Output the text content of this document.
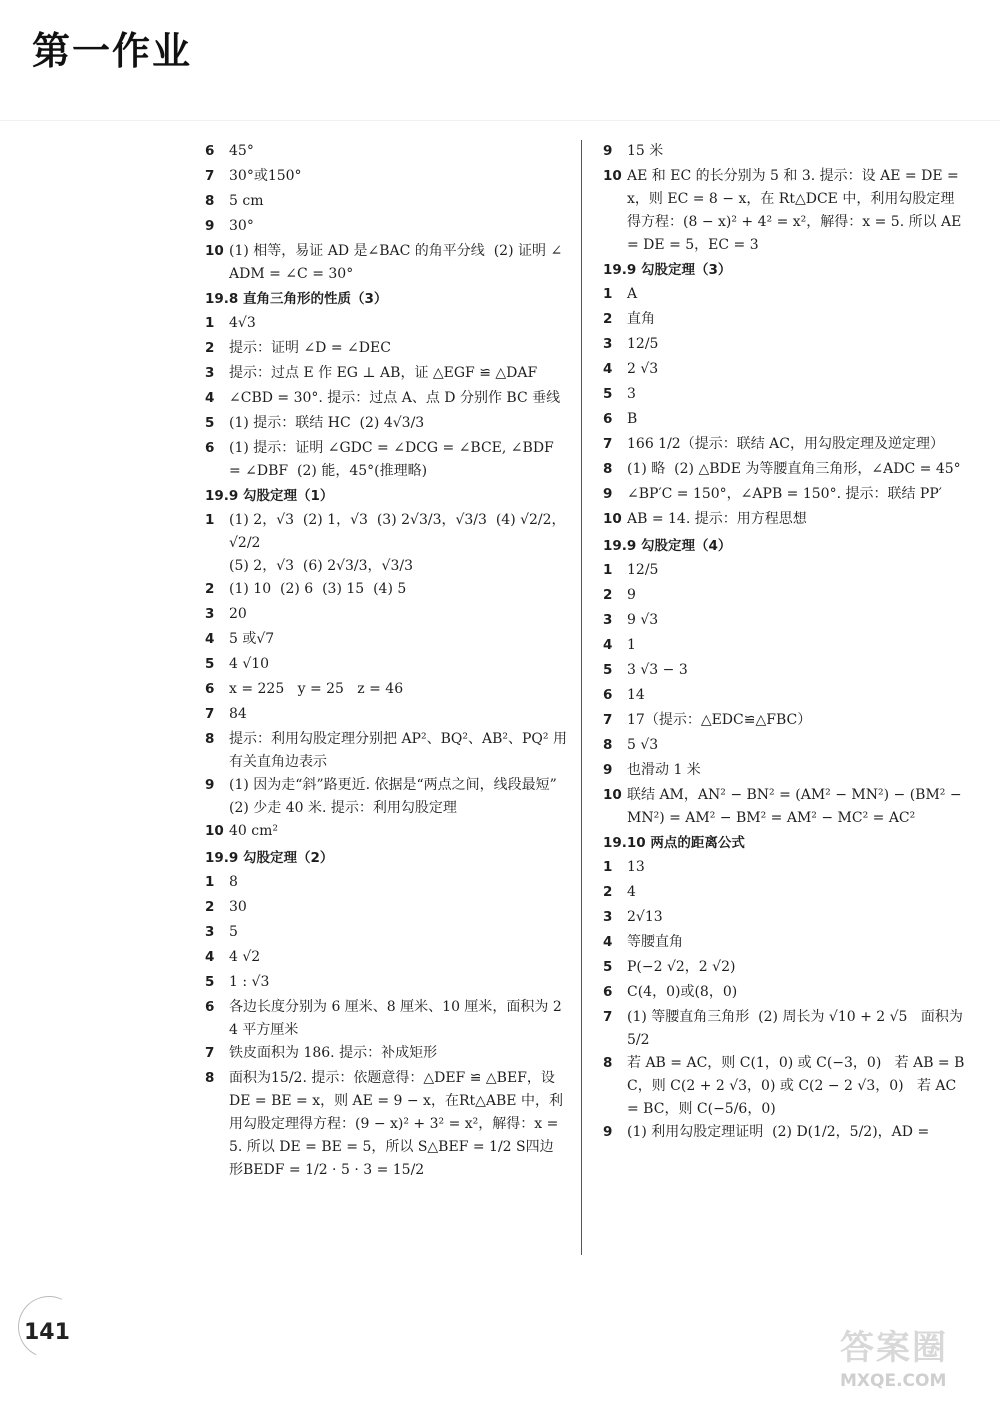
第一作业
6	45°
7	30°或150°
8	5 cm
9	30°
10 (1) 相等，易证 AD 是∠BAC 的角平分线  (2) 证明 ∠ADM = ∠C = 30°
19.8 直角三角形的性质（3）
1	4√3
2	提示：证明 ∠D = ∠DEC
3	提示：过点 E 作 EG ⊥ AB，证 △EGF ≌ △DAF
4	∠CBD = 30°. 提示：过点 A、点 D 分别作 BC 垂线
5	(1) 提示：联结 HC  (2) 4√3/3
6	(1) 提示：证明 ∠GDC = ∠DCG = ∠BCE, ∠BDF = ∠DBF  (2) 能，45°(推理略)
19.9 勾股定理（1）
1	(1) 2，√3  (2) 1，√3  (3) 2√3/3，√3/3  (4) √2/2，√2/2
(5) 2，√3  (6) 2√3/3，√3/3
2	(1) 10  (2) 6  (3) 15  (4) 5
3	20
4	5 或√7
5	4 √10
6	x = 225   y = 25   z = 46
7	84
8	提示：利用勾股定理分别把 AP²、BQ²、AB²、PQ² 用有关直角边表示
9	(1) 因为走“斜”路更近. 依据是“两点之间，线段最短”  (2) 少走 40 米. 提示：利用勾股定理
10 40 cm²
19.9 勾股定理（2）
1	8
2	30
3	5
4	4 √2
5	1 : √3
6	各边长度分别为 6 厘米、8 厘米、10 厘米，面积为 24 平方厘米
7	铁皮面积为 186. 提示：补成矩形
8	面积为15/2. 提示：依题意得：△DEF ≌ △BEF，设 DE = BE = x，则 AE = 9 − x，在Rt△ABE 中，利用勾股定理得方程：(9 − x)² + 3² = x²，解得：x = 5. 所以 DE = BE = 5，所以 S△BEF = 1/2 S四边形BEDF = 1/2 · 5 · 3 = 15/2
9	15 米
10 AE 和 EC 的长分别为 5 和 3. 提示：设 AE = DE = x，则 EC = 8 − x，在 Rt△DCE 中，利用勾股定理得方程：(8 − x)² + 4² = x²，解得：x = 5. 所以 AE = DE = 5，EC = 3
19.9 勾股定理（3）
1	A
2	直角
3	12/5
4	2 √3
5	3
6	B
7	166 1/2（提示：联结 AC，用勾股定理及逆定理）
8	(1) 略  (2) △BDE 为等腰直角三角形，∠ADC = 45°
9	∠BP′C = 150°，∠APB = 150°. 提示：联结 PP′
10 AB = 14. 提示：用方程思想
19.9 勾股定理（4）
1	12/5
2	9
3	9 √3
4	1
5	3 √3 − 3
6	14
7	17（提示：△EDC≌△FBC）
8	5 √3
9	也滑动 1 米
10 联结 AM，AN² − BN² = (AM² − MN²) − (BM² − MN²) = AM² − BM² = AM² − MC² = AC²
19.10 两点的距离公式
1	13
2	4
3	2√13
4	等腰直角
5	P(−2 √2，2 √2)
6	C(4，0)或(8，0)
7	(1) 等腰直角三角形  (2) 周长为 √10 + 2 √5   面积为 5/2
8	若 AB = AC，则 C(1，0) 或 C(−3，0)   若 AB = BC，则 C(2 + 2 √3，0) 或 C(2 − 2 √3，0)   若 AC = BC，则 C(−5/6，0)
9	(1) 利用勾股定理证明  (2) D(1/2，5/2)，AD =
141	答案圈
MXQE.COM
